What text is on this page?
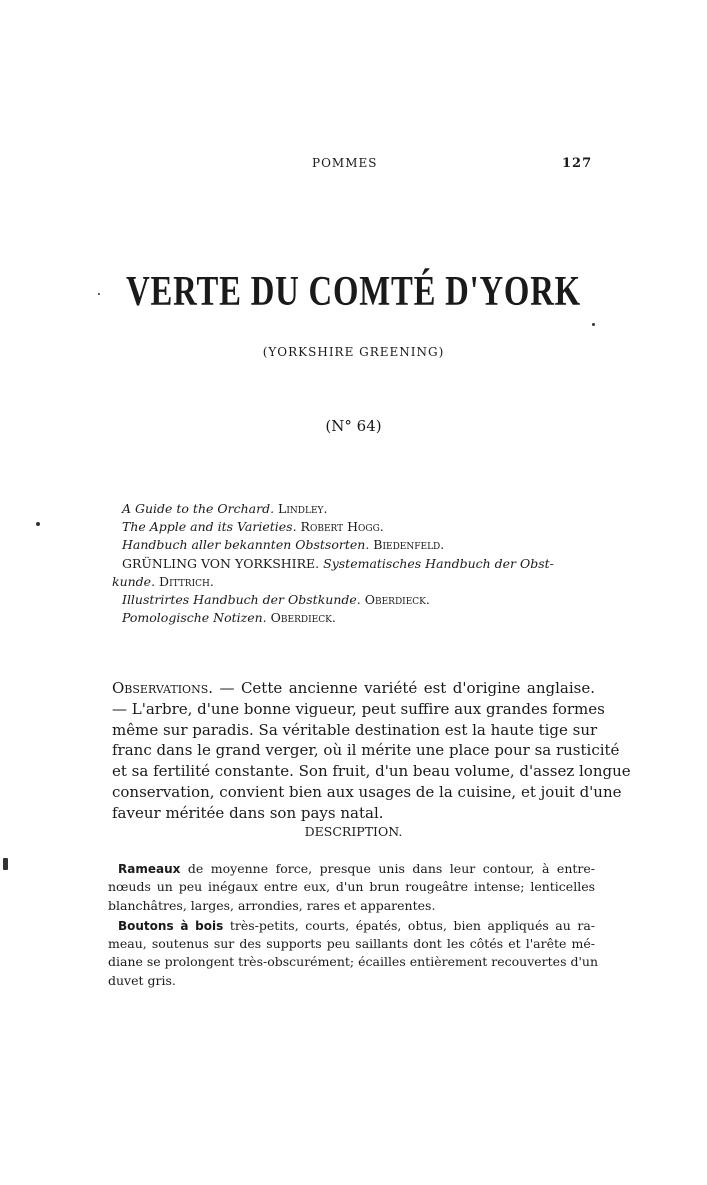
POMMES	127
VERTE DU COMTÉ D'YORK
(YORKSHIRE GREENING)
(N° 64)
A Guide to the Orchard. Lindley.
The Apple and its Varieties. Robert Hogg.
Handbuch aller bekannten Obstsorten. Biedenfeld.
GRÜNLING VON YORKSHIRE. Systematisches Handbuch der Obst-
kunde. Dittrich.
Illustrirtes Handbuch der Obstkunde. Oberdieck.
Pomologische Notizen. Oberdieck.
Observations. — Cette ancienne variété est d'origine anglaise.
— L'arbre, d'une bonne vigueur, peut suffire aux grandes formes
même sur paradis. Sa véritable destination est la haute tige sur
franc dans le grand verger, où il mérite une place pour sa rusticité
et sa fertilité constante. Son fruit, d'un beau volume, d'assez longue
conservation, convient bien aux usages de la cuisine, et jouit d'une
faveur méritée dans son pays natal.
DESCRIPTION.
Rameaux de moyenne force, presque unis dans leur contour, à entre-
nœuds un peu inégaux entre eux, d'un brun rougeâtre intense; lenticelles
blanchâtres, larges, arrondies, rares et apparentes.
Boutons à bois très-petits, courts, épatés, obtus, bien appliqués au ra-
meau, soutenus sur des supports peu saillants dont les côtés et l'arête mé-
diane se prolongent très-obscurément; écailles entièrement recouvertes d'un
duvet gris.
